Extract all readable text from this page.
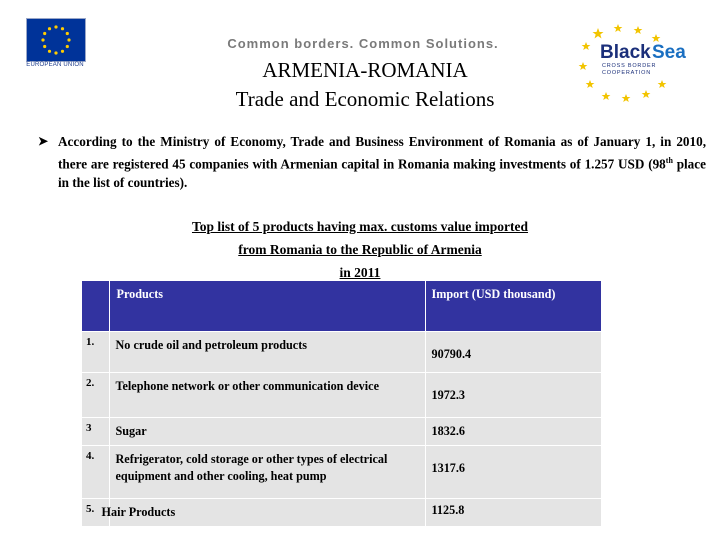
EUROPEAN UNION
Common borders. Common Solutions.
ARMENIA-ROMANIA
Trade and Economic Relations
Black Sea
CROSS BORDER
COOPERATION
➤ According to the Ministry of Economy, Trade and Business Environment of Romania as of January 1, in 2010, there are registered 45 companies with Armenian capital in Romania making investments of 1.257 USD (98th place in the list of countries).
Top list of 5 products having max. customs value imported
from Romania to the Republic of Armenia
in 2011

	Products	Import (USD thousand)

1.	No crude oil and petroleum products	90790.4

2.	Telephone network or other communication device	1972.3

3	Sugar	1832.6

4.	Refrigerator, cold storage or other types of electrical equipment and other cooling, heat pump	1317.6

5.	Hair Products	1125.8
